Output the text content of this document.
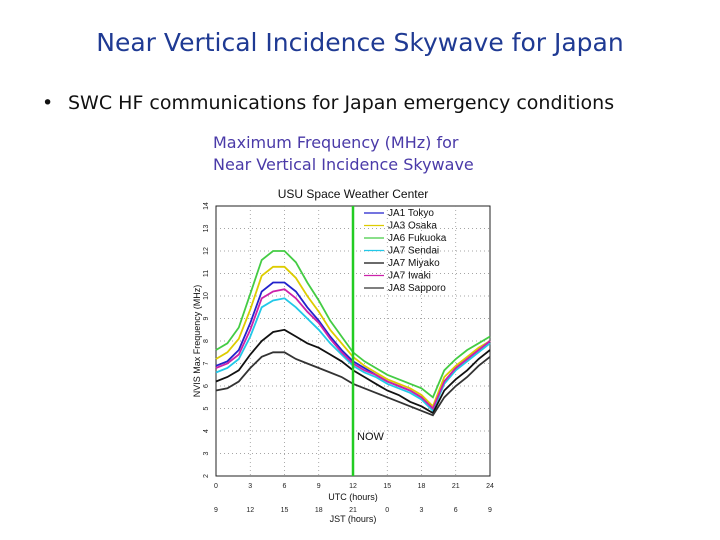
Near Vertical Incidence Skywave for Japan
• SWC HF communications for Japan emergency conditions
Maximum Frequency (MHz) for
Near Vertical Incidence Skywave
USU Space Weather Center
0
9
3
12
6
15
9
18
12
21
15
0
18
3
21
6
24
9
2
3
4
5
6
7
8
9
10
11
12
13
14
UTC (hours)
JST (hours)
NVIS Max Frequency (MHz)
NOW
JA1 Tokyo
JA3 Osaka
JA6 Fukuoka
JA7 Sendai
JA7 Miyako
JA7 Iwaki
JA8 Sapporo
